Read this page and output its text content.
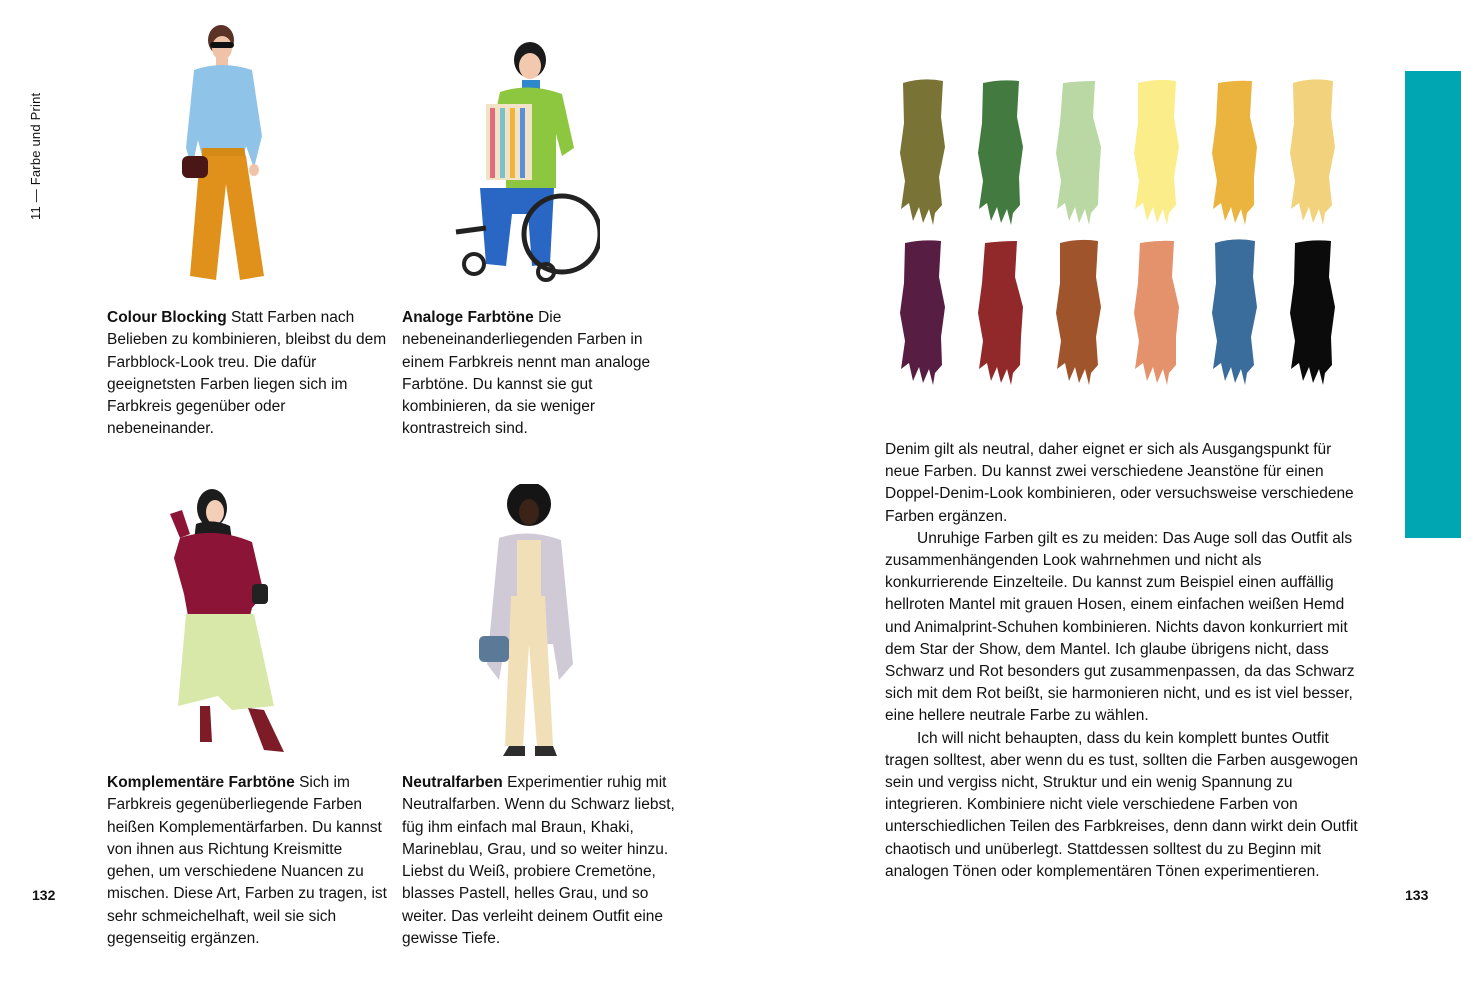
11 — Farbe und Print
Colour Blocking Statt Farben nach Belieben zu kombinieren, bleibst du dem Farbblock-Look treu. Die dafür geeignetsten Farben liegen sich im Farbkreis gegenüber oder nebeneinander.
Analoge Farbtöne Die nebeneinanderliegenden Farben in einem Farbkreis nennt man analoge Farbtöne. Du kannst sie gut kombinieren, da sie weniger kontrastreich sind.
Komplementäre Farbtöne Sich im Farbkreis gegenüberliegende Farben heißen Komplementärfarben. Du kannst von ihnen aus Richtung Kreismitte gehen, um verschiedene Nuancen zu mischen. Diese Art, Farben zu tragen, ist sehr schmeichelhaft, weil sie sich gegenseitig ergänzen.
Neutralfarben Experimentier ruhig mit Neutralfarben. Wenn du Schwarz liebst, füg ihm einfach mal Braun, Khaki, Marineblau, Grau, und so weiter hinzu. Liebst du Weiß, probiere Cremetöne, blasses Pastell, helles Grau, und so weiter. Das verleiht deinem Outfit eine gewisse Tiefe.
132

Denim gilt als neutral, daher eignet er sich als Ausgangspunkt für neue Farben. Du kannst zwei verschiedene Jeanstöne für einen Doppel-Denim-Look kombinieren, oder versuchsweise verschiedene Farben ergänzen.

Unruhige Farben gilt es zu meiden: Das Auge soll das Outfit als zusammenhängenden Look wahrnehmen und nicht als konkurrierende Einzelteile. Du kannst zum Beispiel einen auffällig hellroten Mantel mit grauen Hosen, einem einfachen weißen Hemd und Animalprint-Schuhen kombinieren. Nichts davon konkurriert mit dem Star der Show, dem Mantel. Ich glaube übrigens nicht, dass Schwarz und Rot besonders gut zusammenpassen, da das Schwarz sich mit dem Rot beißt, sie harmonieren nicht, und es ist viel besser, eine hellere neutrale Farbe zu wählen.

Ich will nicht behaupten, dass du kein komplett buntes Outfit tragen solltest, aber wenn du es tust, sollten die Farben ausgewogen sein und vergiss nicht, Struktur und ein wenig Spannung zu integrieren. Kombiniere nicht viele verschiedene Farben von unterschiedlichen Teilen des Farbkreises, denn dann wirkt dein Outfit chaotisch und unüberlegt. Stattdessen solltest du zu Beginn mit analogen Tönen oder komplementären Tönen experimentieren.

133
